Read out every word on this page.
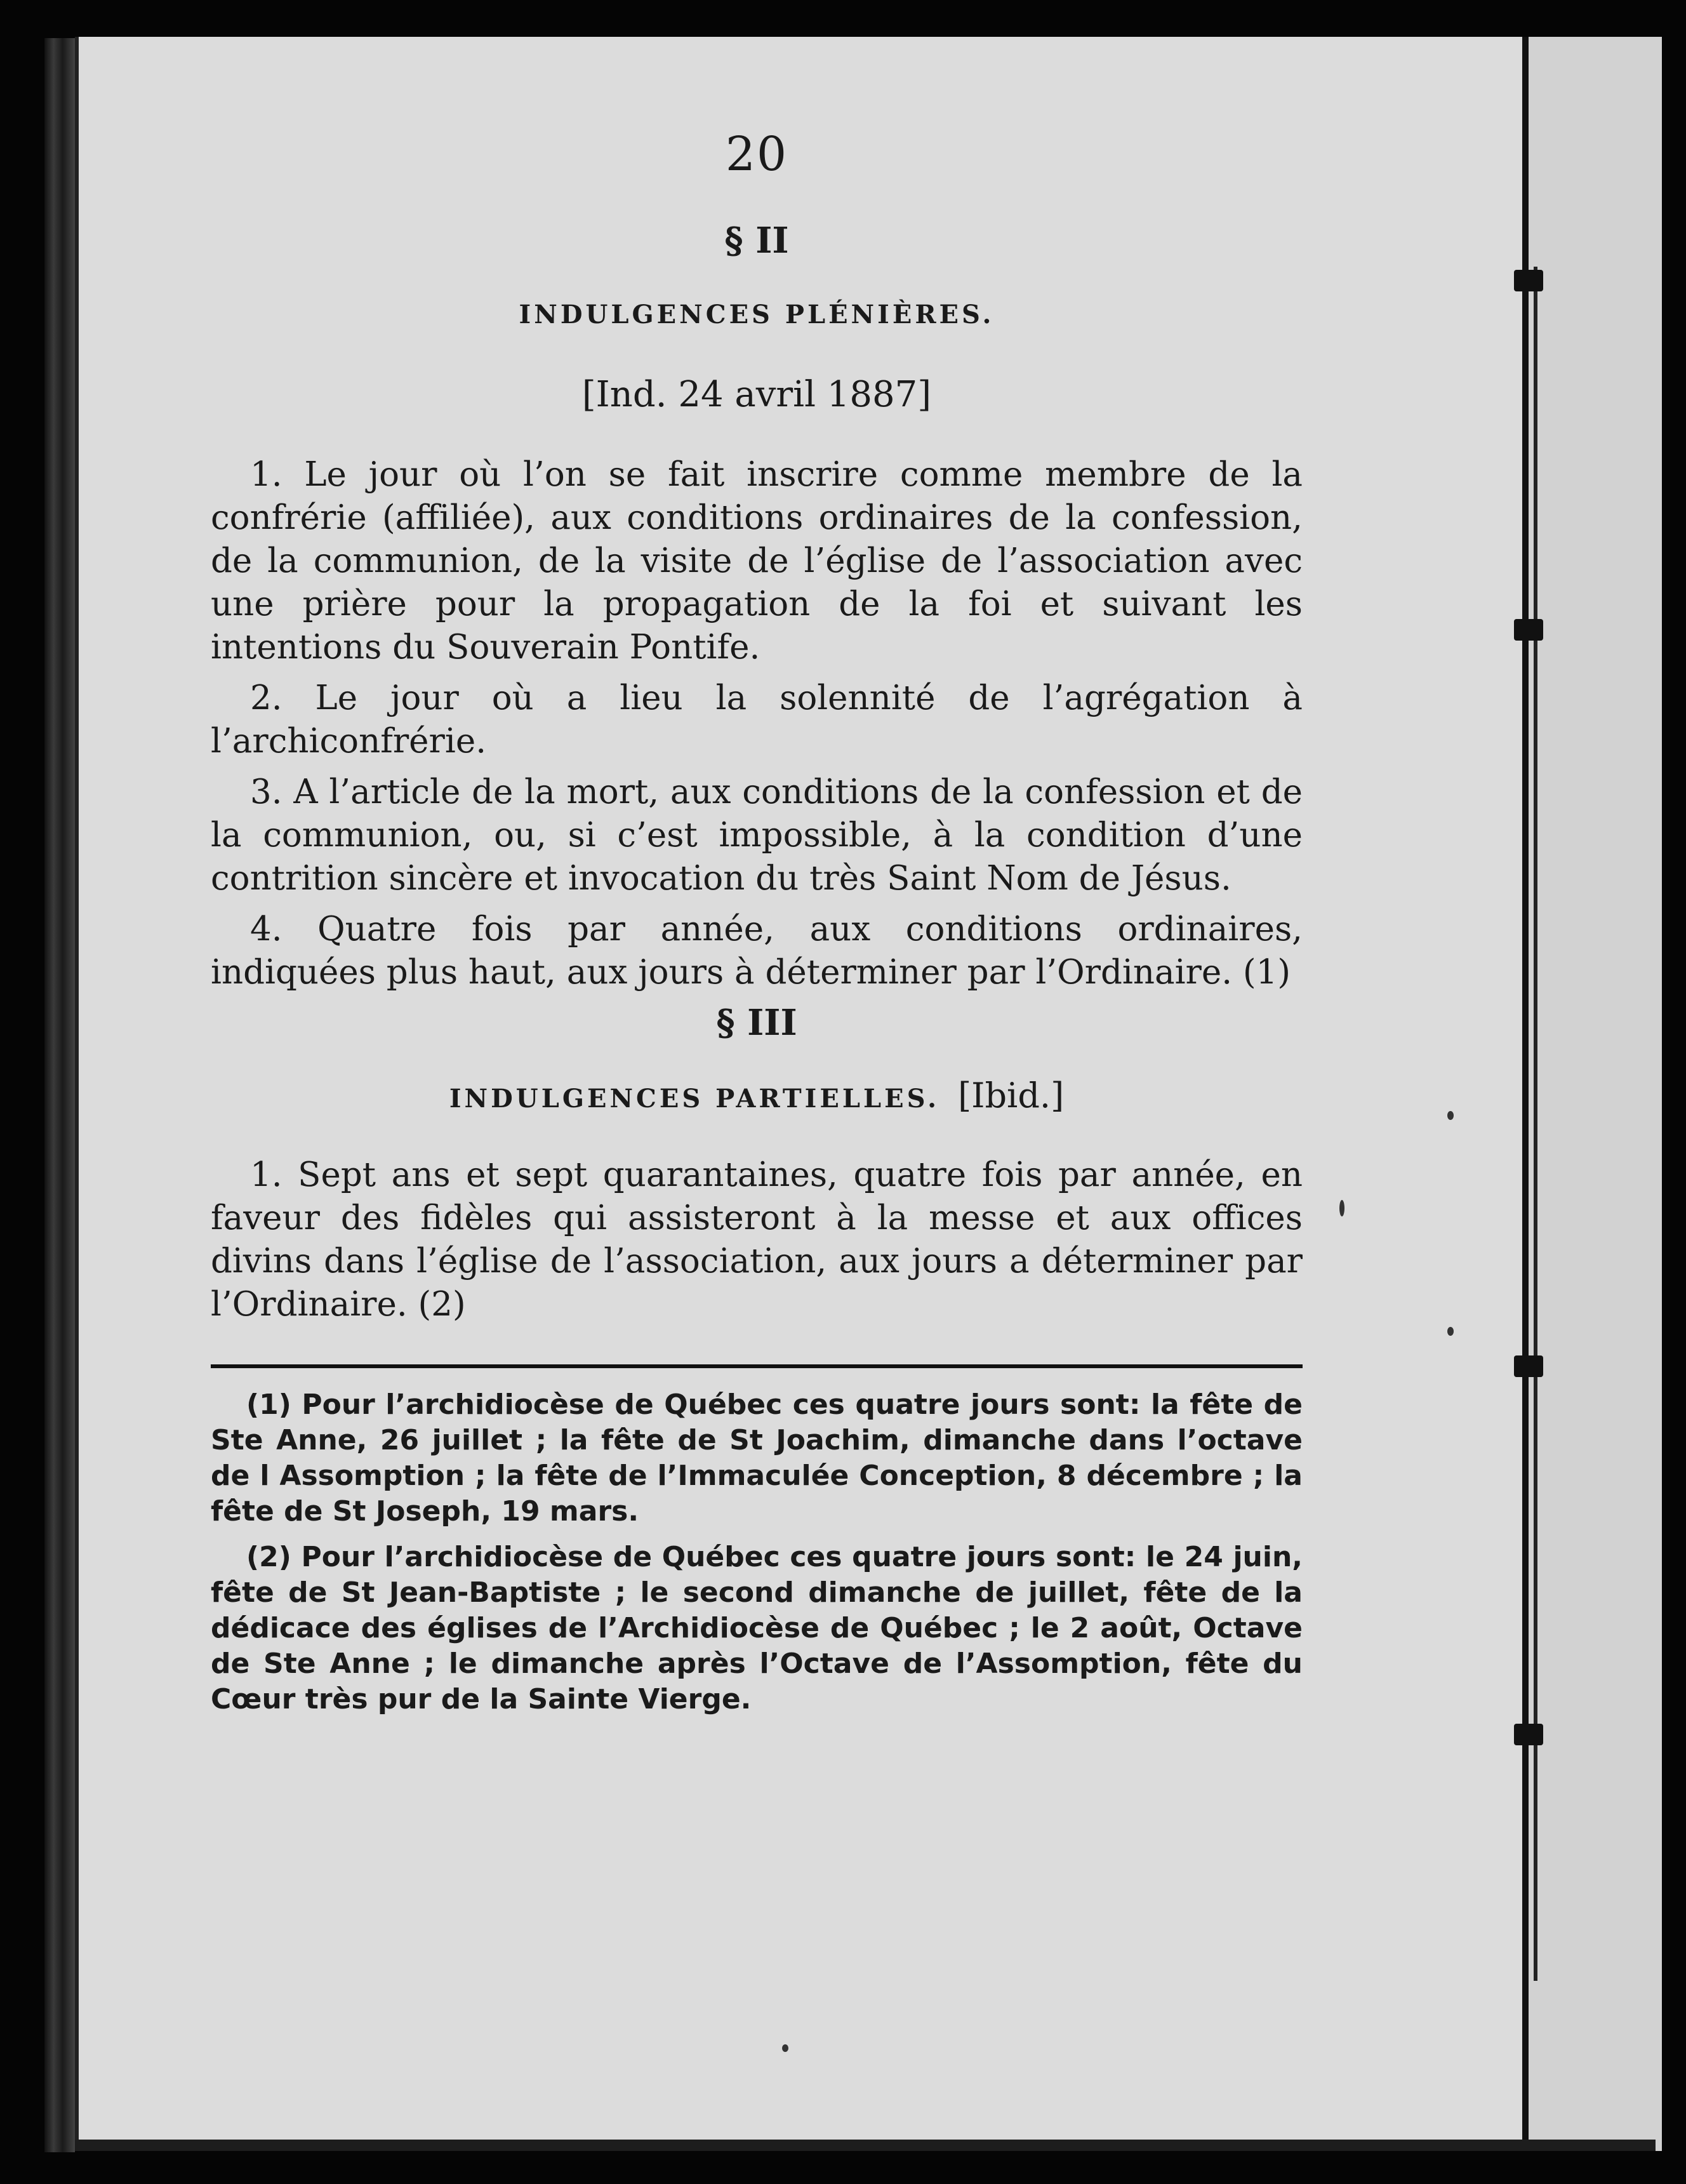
20
§ II
INDULGENCES PLÉNIÈRES.
[Ind. 24 avril 1887]

1. Le jour où l’on se fait inscrire comme membre de la confrérie (affiliée), aux conditions ordinaires de la confession, de la communion, de la visite de l’église de l’association avec une prière pour la propagation de la foi et suivant les intentions du Souverain Pontife.

2. Le jour où a lieu la solennité de l’agrégation à l’archiconfrérie.

3. A l’article de la mort, aux conditions de la confession et de la communion, ou, si c’est impossible, à la condition d’une contrition sincère et invocation du très Saint Nom de Jésus.

4. Quatre fois par année, aux conditions ordinaires, indiquées plus haut, aux jours à déterminer par l’Ordinaire. (1)

§ III
INDULGENCES PARTIELLES. [Ibid.]

1. Sept ans et sept quarantaines, quatre fois par année, en faveur des fidèles qui assisteront à la messe et aux offices divins dans l’église de l’association, aux jours a déterminer par l’Ordinaire. (2)

(1) Pour l’archidiocèse de Québec ces quatre jours sont: la fête de Ste Anne, 26 juillet ; la fête de St Joachim, dimanche dans l’octave de l Assomption ; la fête de l’Immaculée Conception, 8 décembre ; la fête de St Joseph, 19 mars.

(2) Pour l’archidiocèse de Québec ces quatre jours sont: le 24 juin, fête de St Jean-Baptiste ; le second dimanche de juillet, fête de la dédicace des églises de l’Archidiocèse de Québec ; le 2 août, Octave de Ste Anne ; le dimanche après l’Octave de l’Assomption, fête du Cœur très pur de la Sainte Vierge.
